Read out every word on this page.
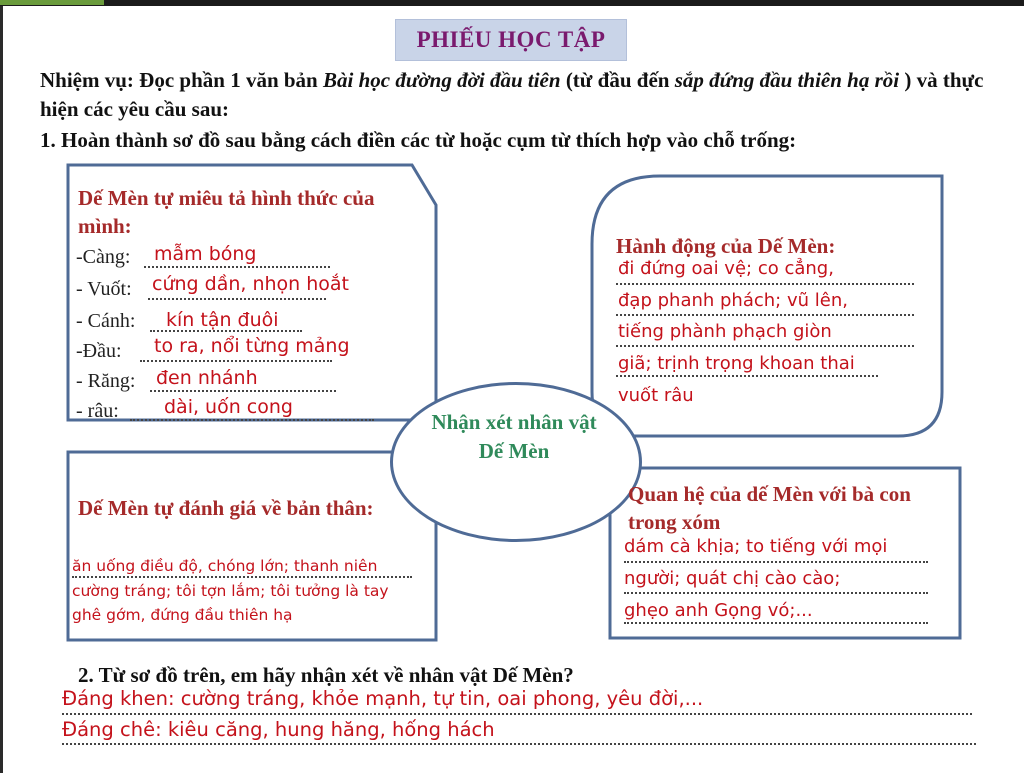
PHIẾU HỌC TẬP
Nhiệm vụ: Đọc phần 1 văn bản Bài học đường đời đầu tiên (từ đầu đến sắp đứng đầu thiên hạ rồi ) và thực hiện các yêu cầu sau:
1. Hoàn thành sơ đồ sau bằng cách điền các từ hoặc cụm từ thích hợp vào chỗ trống:
Nhận xét nhân vật Dế Mèn
Dế Mèn tự miêu tả hình thức của mình:
-Càng: mẫm bóng
- Vuốt: cứng dần, nhọn hoắt
- Cánh: kín tận đuôi
-Đầu: to ra, nổi từng mảng
- Răng: đen nhánh
- râu: dài, uốn cong
Hành động của Dế Mèn:
đi đứng oai vệ; co cẳng,
đạp phanh phách; vũ lên,
tiếng phành phạch giòn
giã; trịnh trọng khoan thai
vuốt râu
Dế Mèn tự đánh giá về bản thân:
ăn uống điều độ, chóng lớn; thanh niên
cường tráng; tôi tợn lắm; tôi tưởng là tay
ghê gớm, đứng đầu thiên hạ
Quan hệ của dế Mèn với bà con trong xóm
dám cà khịa; to tiếng với mọi
người; quát chị cào cào;
ghẹo anh Gọng vó;...
2. Từ sơ đồ trên, em hãy nhận xét về nhân vật Dế Mèn?
Đáng khen: cường tráng, khỏe mạnh, tự tin, oai phong, yêu đời,...
Đáng chê: kiêu căng, hung hăng, hống hách
